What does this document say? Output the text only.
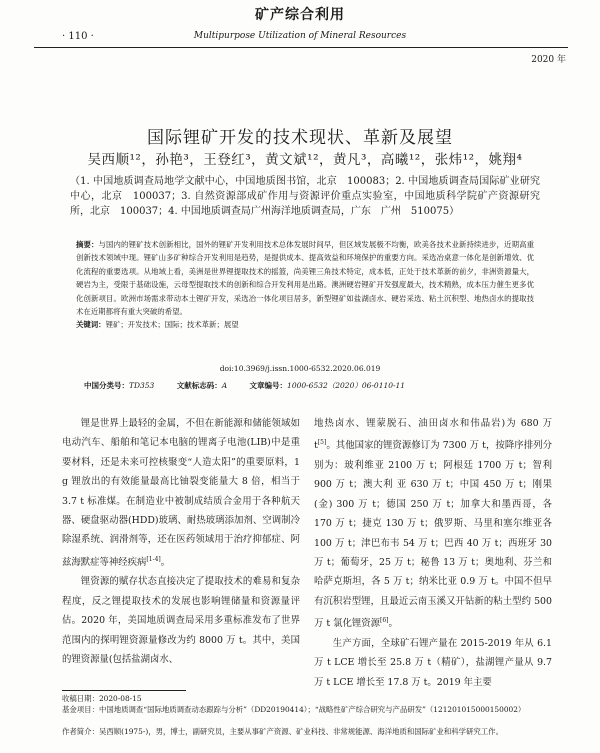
矿产综合利用
· 110 ·	Multipurpose Utilization of Mineral Resources
2020 年
国际锂矿开发的技术现状、革新及展望
吴西顺¹²，孙艳³，王登红³，黄文斌¹²，黄凡³，高曦¹²，张炜¹²，姚翔⁴
（1. 中国地质调查局地学文献中心，中国地质图书馆，北京　100083；2. 中国地质调查局国际矿业研究中心，北京　100037；3. 自然资源部成矿作用与资源评价重点实验室，中国地质科学院矿产资源研究所，北京　100037；4. 中国地质调查局广州海洋地质调查局，广东　广州　510075）
摘要：与国内的锂矿技术创新相比，国外的锂矿开发利用技术总体发展时间早，但区域发展极不均衡，欧美各技术业新持续进步，近期高重创新技术领域中现。锂矿山多矿种综合开发利用是趋势，是提供成本、提高效益和环境保护的重要方向。采选冶桌意一体化是创新增效、优化流程的重要选项。从地域上看，美洲是世界锂提取技术的摇篮，尚美锂三角技术特定，成本低，正处于技术革新的前夕，非洲资源量大，硬岩为主，受限于基础设施，云母型提取技术的创新和综合开发利用是出路。澳洲硬岩锂矿开发强度最大，技术精熟，成本压力催生更多优化创新项目。欧洲市场需求带动本土锂矿开发，采选冶一体化项目居多，新型锂矿如盐湖卤水、硬岩采选、粘土沉积型、地热卤水的提取技术在近期都将有重大突破的希望。
关键词：锂矿；开发技术；国际；技术革新；展望
doi:10.3969/j.issn.1000-6532.2020.06.019
中国分类号：TD353	文献标志码：A	文章编号：1000-6532（2020）06-0110-11

锂是世界上最轻的金属，不但在新能源和储能领域如电动汽车、船舶和笔记本电脑的锂离子电池(LIB)中是重要材料，还是未来可控核聚变“人造太阳”的重要原料，1 g 锂放出的有效能量最高比铀裂变能量大 8 倍，相当于 3.7 t 标准煤。在制造业中被制成结质合金用于各种航天器、硬盘驱动器(HDD)玻璃、耐热玻璃添加剂、空调制冷除湿系统、润滑剂等，还在医药领域用于治疗抑郁症、阿兹海默症等神经疾病[1-4]。

锂资源的赋存状态直接决定了提取技术的难易和复杂程度，反之锂提取技术的发展也影响锂储量和资源量评估。2020 年，美国地质调查局采用多重标准发布了世界范围内的探明锂资源量修改为约 8000 万 t。其中，美国的锂资源量(包括盐湖卤水、

地热卤水、锂蒙脱石、油田卤水和伟晶岩)为 680 万 t[5]。其他国家的锂资源修订为 7300 万 t，按降序排列分别为：玻利维亚 2100 万 t；阿根廷 1700 万 t；智利 900 万 t；澳大利 亚 630 万 t；中国 450 万 t；刚果(金) 300 万 t；德国 250 万 t；加拿大和墨西哥，各 170 万 t；捷克 130 万 t；俄罗斯、马里和塞尔维亚各 100 万 t；津巴布韦 54 万 t；巴西 40 万 t；西班牙 30 万 t；葡萄牙，25 万 t；秘鲁 13 万 t；奥地利、芬兰和哈萨克斯坦，各 5 万 t；纳米比亚 0.9 万 t。中国不但早有沉积岩型锂，且最近云南玉溪又开钻新的粘土型约 500 万 t 氯化锂资源[6]。

生产方面，全球矿石锂产量在 2015-2019 年从 6.1 万 t LCE 增长至 25.8 万 t（精矿），盐湖锂产量从 9.7 万 t LCE 增长至 17.8 万 t。2019 年主要

收稿日期：2020-08-15
基金项目：中国地质调查“国际地质调查动态跟踪与分析”（DD20190414）；“战略性矿产综合研究与产品研发”（121201015000150002）
作者简介：吴西顺(1975-)，男，博士，副研究员，主要从事矿产资源、矿业科技、非常规能源、海洋地质和国际矿业和科学研究工作。
